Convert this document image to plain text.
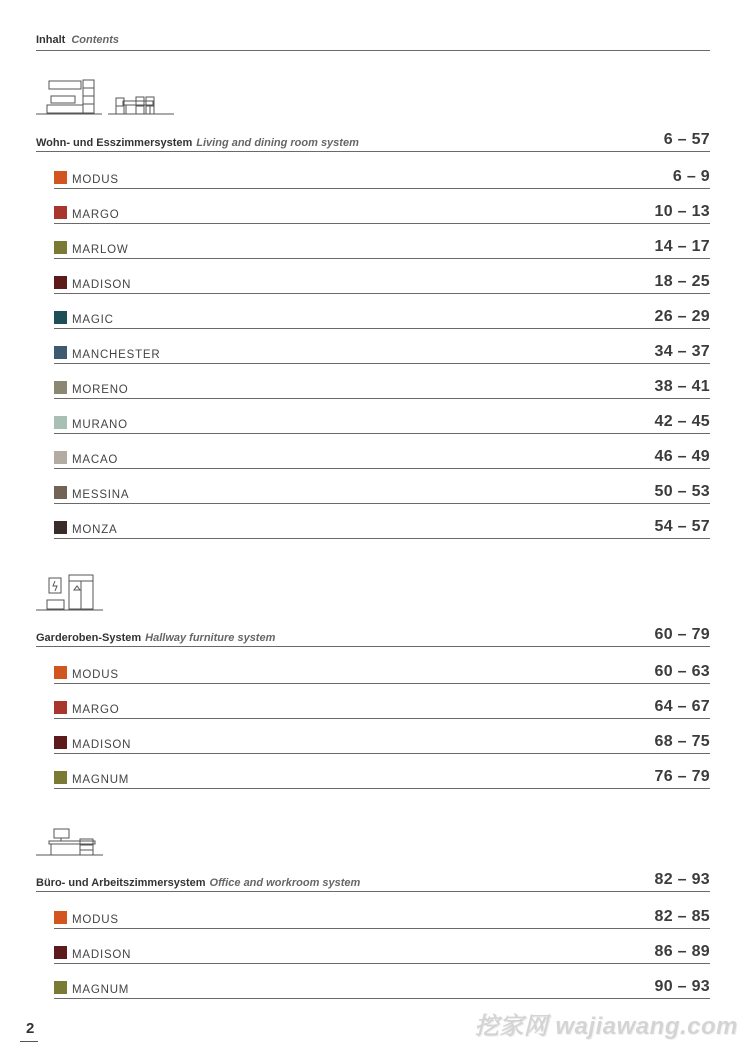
Inhalt Contents
Wohn- und Esszimmersystem Living and dining room system	6 – 57
MODUS	6 – 9
MARGO	10 – 13
MARLOW	14 – 17
MADISON	18 – 25
MAGIC	26 – 29
MANCHESTER	34 – 37
MORENO	38 – 41
MURANO	42 – 45
MACAO	46 – 49
MESSINA	50 – 53
MONZA	54 – 57
Garderoben-System Hallway furniture system	60 – 79
MODUS	60 – 63
MARGO	64 – 67
MADISON	68 – 75
MAGNUM	76 – 79
Büro- und Arbeitszimmersystem Office and workroom system	82 – 93
MODUS	82 – 85
MADISON	86 – 89
MAGNUM	90 – 93
2	挖家网 wajiawang.com
